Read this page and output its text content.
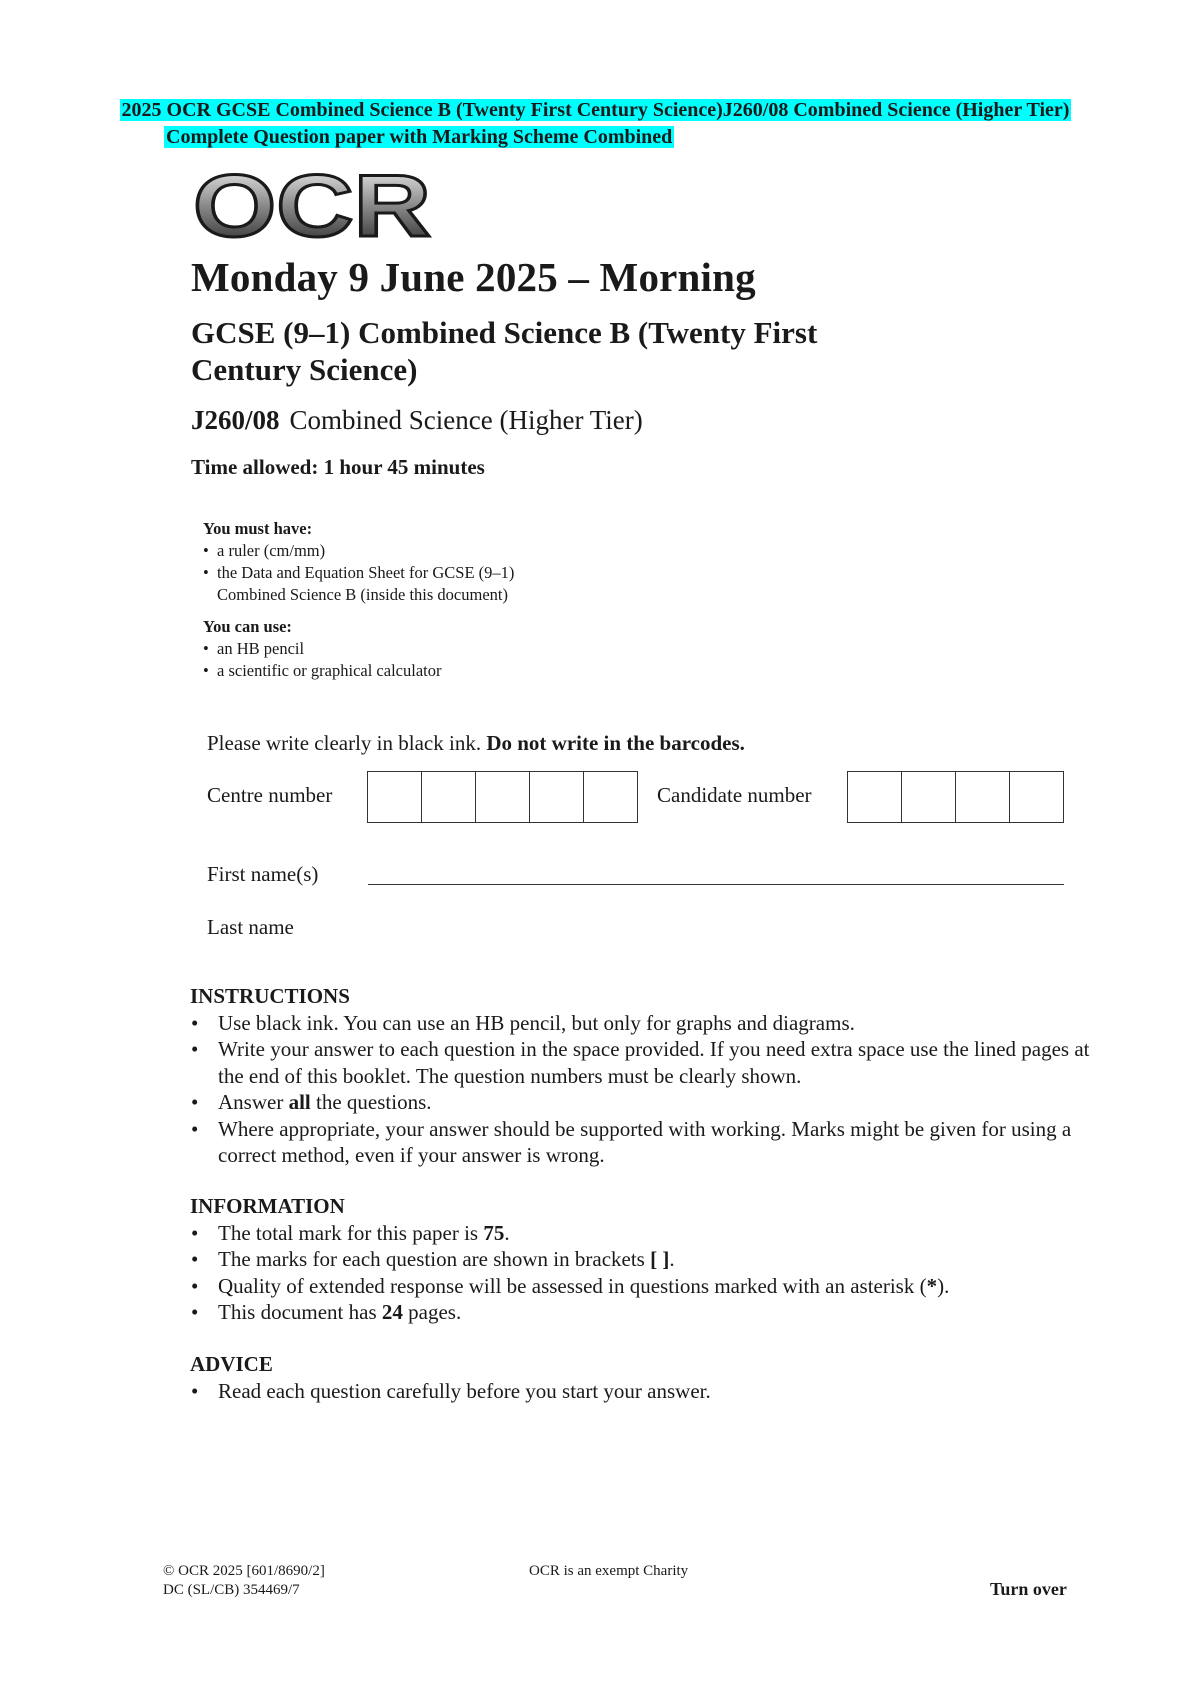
2025 OCR GCSE Combined Science B (Twenty First Century Science)J260/08 Combined Science (Higher Tier)
Complete Question paper with Marking Scheme Combined
OCR
Monday 9 June 2025 – Morning
GCSE (9–1) Combined Science B (Twenty First Century Science)
J260/08 Combined Science (Higher Tier)
Time allowed: 1 hour 45 minutes
You must have:
• a ruler (cm/mm)
• the Data and Equation Sheet for GCSE (9–1)
Combined Science B (inside this document)
You can use:
• an HB pencil
• a scientific or graphical calculator
Please write clearly in black ink. Do not write in the barcodes.
Centre number	Candidate number
First name(s)
Last name
INSTRUCTIONS
• Use black ink. You can use an HB pencil, but only for graphs and diagrams.
• Write your answer to each question in the space provided. If you need extra space use the lined pages at the end of this booklet. The question numbers must be clearly shown.
• Answer all the questions.
• Where appropriate, your answer should be supported with working. Marks might be given for using a correct method, even if your answer is wrong.
INFORMATION
• The total mark for this paper is 75.
• The marks for each question are shown in brackets [ ].
• Quality of extended response will be assessed in questions marked with an asterisk (*).
• This document has 24 pages.
ADVICE
• Read each question carefully before you start your answer.
© OCR 2025 [601/8690/2]
DC (SL/CB) 354469/7
OCR is an exempt Charity
Turn over
